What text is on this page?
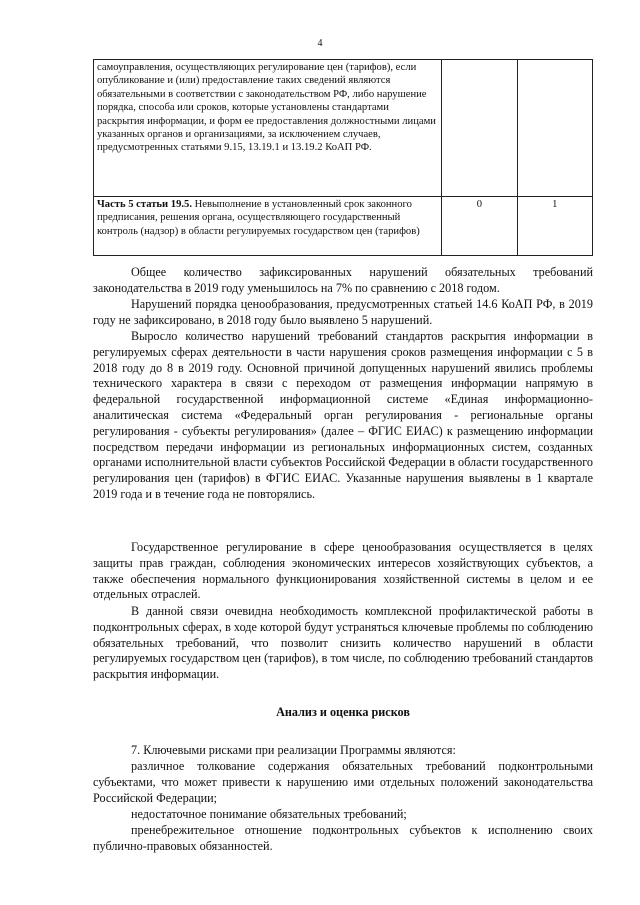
4
самоуправления, осуществляющих регулирование цен (тарифов), если опубликование и (или) предоставление таких сведений являются обязательными в соответствии с законодательством РФ, либо нарушение порядка, способа или сроков, которые установлены стандартами раскрытия информации, и форм ее предоставления должностными лицами указанных органов и организациями, за исключением случаев, предусмотренных статьями 9.15, 13.19.1 и 13.19.2 КоАП РФ.		
Часть 5 статьи 19.5. Невыполнение в установленный срок законного предписания, решения органа, осуществляющего государственный контроль (надзор) в области регулируемых государством цен (тарифов)	0	1
Общее количество зафиксированных нарушений обязательных требований законодательства в 2019 году уменьшилось на 7% по сравнению с 2018 годом.
Нарушений порядка ценообразования, предусмотренных статьей 14.6 КоАП РФ, в 2019 году не зафиксировано, в 2018 году было выявлено 5 нарушений.
Выросло количество нарушений требований стандартов раскрытия информации в регулируемых сферах деятельности в части нарушения сроков размещения информации с 5 в 2018 году до 8 в 2019 году. Основной причиной допущенных нарушений явились проблемы технического характера в связи с переходом от размещения информации напрямую в федеральной государственной информационной системе «Единая информационно-аналитическая система «Федеральный орган регулирования - региональные органы регулирования - субъекты регулирования» (далее – ФГИС ЕИАС) к размещению информации посредством передачи информации из региональных информационных систем, созданных органами исполнительной власти субъектов Российской Федерации в области государственного регулирования цен (тарифов) в ФГИС ЕИАС. Указанные нарушения выявлены в 1 квартале 2019 года и в течение года не повторялись.
Государственное регулирование в сфере ценообразования осуществляется в целях защиты прав граждан, соблюдения экономических интересов хозяйствующих субъектов, а также обеспечения нормального функционирования хозяйственной системы в целом и ее отдельных отраслей.
В данной связи очевидна необходимость комплексной профилактической работы в подконтрольных сферах, в ходе которой будут устраняться ключевые проблемы по соблюдению обязательных требований, что позволит снизить количество нарушений в области регулируемых государством цен (тарифов), в том числе, по соблюдению требований стандартов раскрытия информации.
Анализ и оценка рисков
7. Ключевыми рисками при реализации Программы являются:
различное толкование содержания обязательных требований подконтрольными субъектами, что может привести к нарушению ими отдельных положений законодательства Российской Федерации;
недостаточное понимание обязательных требований;
пренебрежительное отношение подконтрольных субъектов к исполнению своих публично-правовых обязанностей.
